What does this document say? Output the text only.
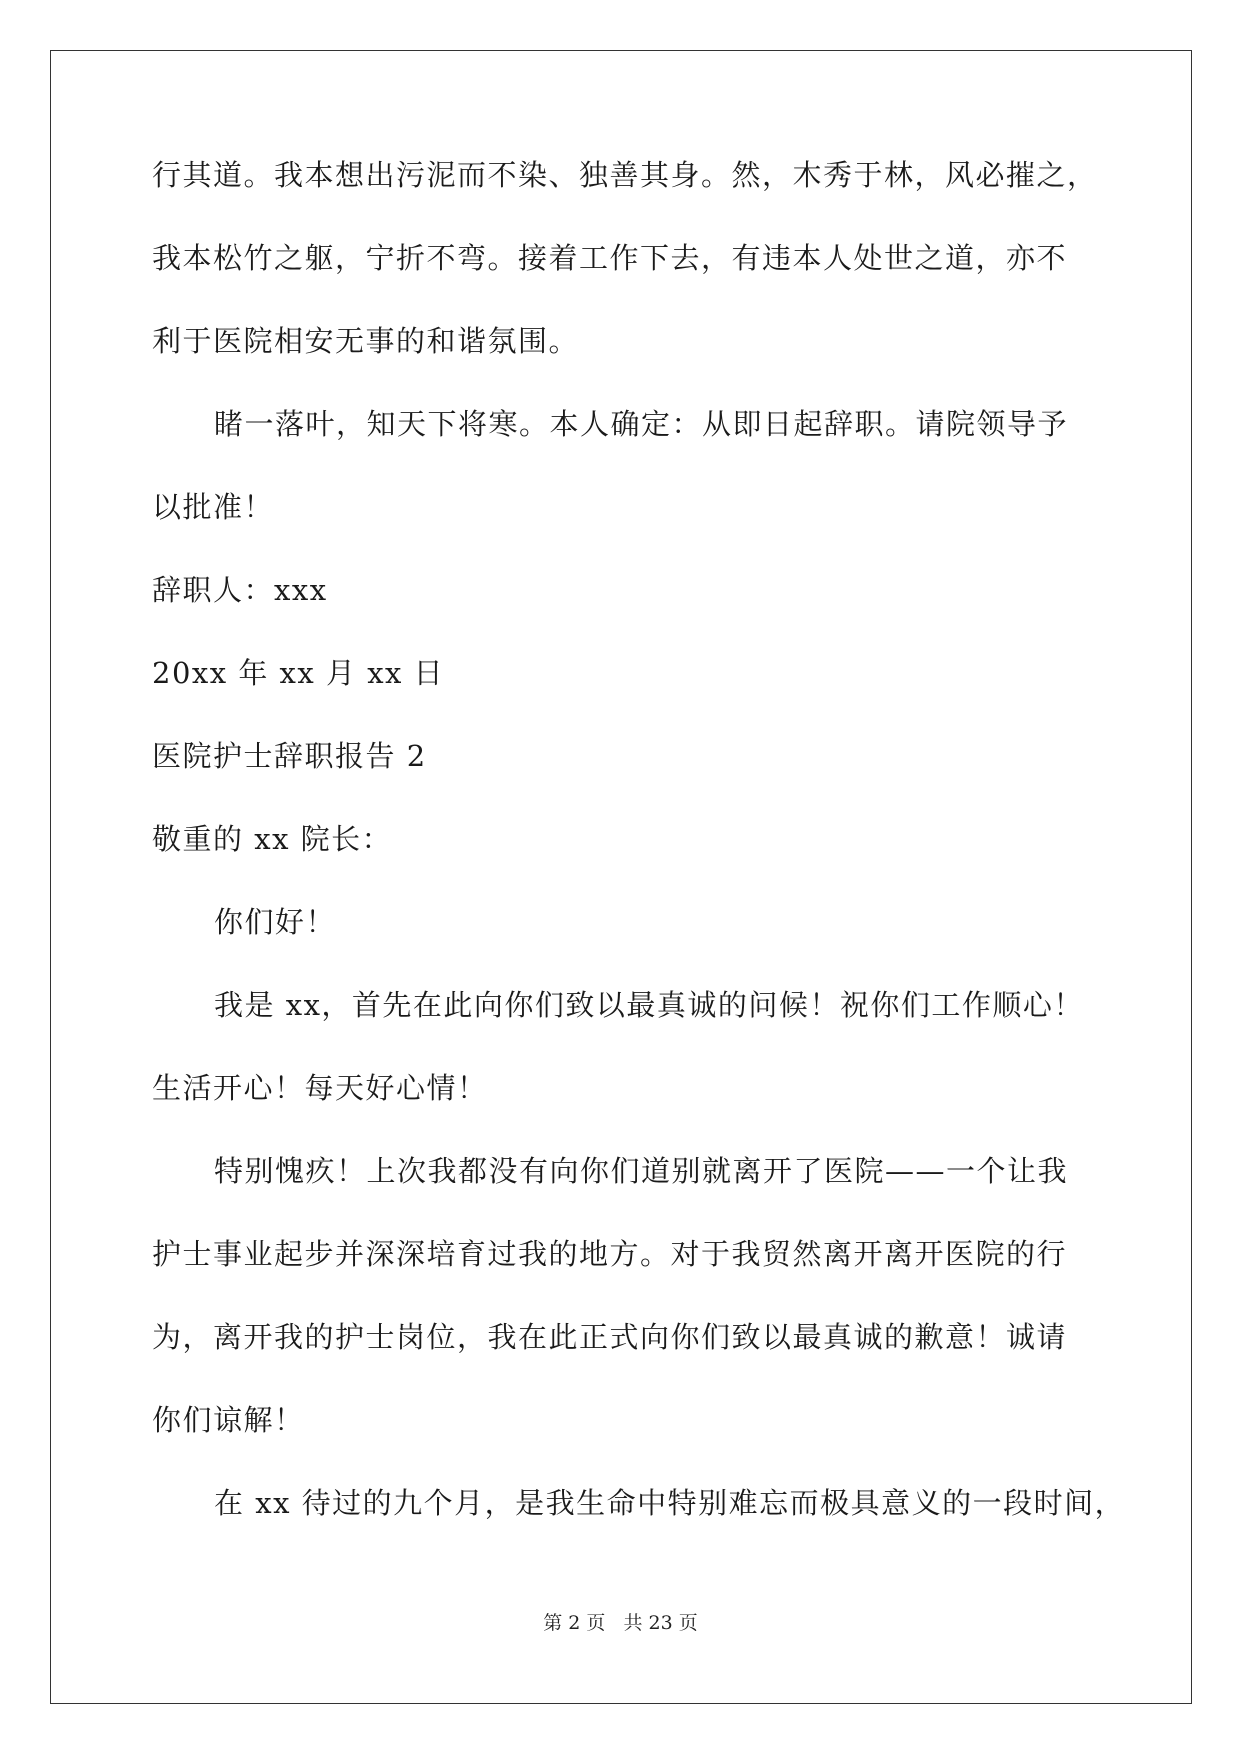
行其道。我本想出污泥而不染、独善其身。然，木秀于林，风必摧之，
我本松竹之躯，宁折不弯。接着工作下去，有违本人处世之道，亦不
利于医院相安无事的和谐氛围。
睹一落叶，知天下将寒。本人确定：从即日起辞职。请院领导予
以批准！
辞职人：xxx
20xx 年 xx 月 xx 日
医院护士辞职报告 2
敬重的 xx 院长：
你们好！
我是 xx，首先在此向你们致以最真诚的问候！祝你们工作顺心！
生活开心！每天好心情！
特别愧疚！上次我都没有向你们道别就离开了医院——一个让我
护士事业起步并深深培育过我的地方。对于我贸然离开离开医院的行
为，离开我的护士岗位，我在此正式向你们致以最真诚的歉意！诚请
你们谅解！
在 xx 待过的九个月，是我生命中特别难忘而极具意义的一段时间，
第 2 页 共 23 页
